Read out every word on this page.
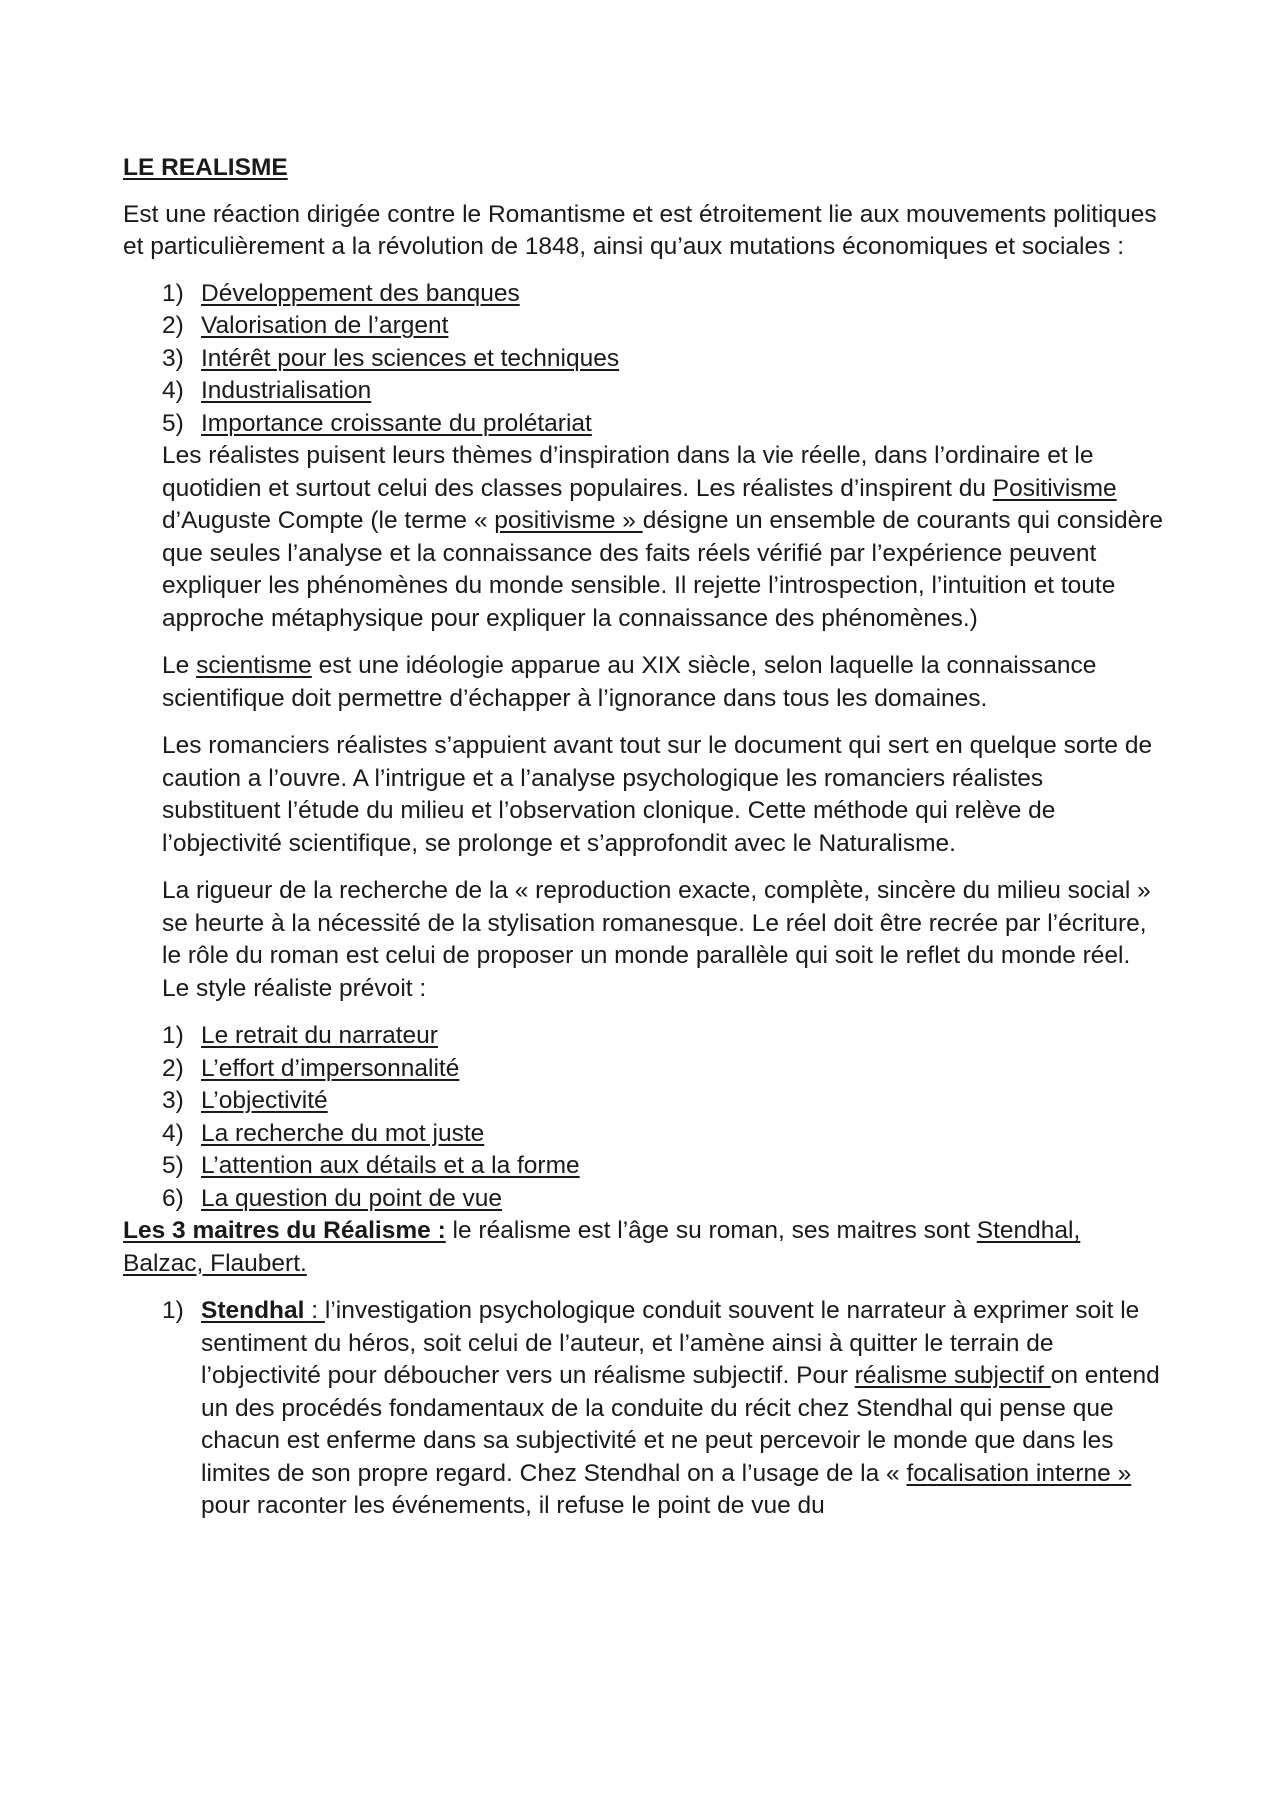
LE REALISME

Est une réaction dirigée contre le Romantisme et est étroitement lie aux mouvements politiques et particulièrement a la révolution de 1848, ainsi qu’aux mutations économiques et sociales :

1) Développement des banques
2) Valorisation de l’argent
3) Intérêt pour les sciences et techniques
4) Industrialisation
5) Importance croissante du prolétariat

Les réalistes puisent leurs thèmes d’inspiration dans la vie réelle, dans l’ordinaire et le quotidien et surtout celui des classes populaires. Les réalistes d’inspirent du Positivisme d’Auguste Compte (le terme « positivisme » désigne un ensemble de courants qui considère que seules l’analyse et la connaissance des faits réels vérifié par l’expérience peuvent expliquer les phénomènes du monde sensible. Il rejette l’introspection, l’intuition et toute approche métaphysique pour expliquer la connaissance des phénomènes.)

Le scientisme est une idéologie apparue au XIX siècle, selon laquelle la connaissance scientifique doit permettre d’échapper à l’ignorance dans tous les domaines.

Les romanciers réalistes s’appuient avant tout sur le document qui sert en quelque sorte de caution a l’ouvre. A l’intrigue et a l’analyse psychologique les romanciers réalistes substituent l’étude du milieu et l’observation clonique. Cette méthode qui relève de l’objectivité scientifique, se prolonge et s’approfondit avec le Naturalisme.

La rigueur de la recherche de la « reproduction exacte, complète, sincère du milieu social » se heurte à la nécessité de la stylisation romanesque. Le réel doit être recrée par l’écriture, le rôle du roman est celui de proposer un monde parallèle qui soit le reflet du monde réel. Le style réaliste prévoit :

1) Le retrait du narrateur
2) L’effort d’impersonnalité
3) L’objectivité
4) La recherche du mot juste
5) L’attention aux détails et a la forme
6) La question du point de vue

Les 3 maitres du Réalisme : le réalisme est l’âge su roman, ses maitres sont Stendhal, Balzac, Flaubert.

1) Stendhal : l’investigation psychologique conduit souvent le narrateur à exprimer soit le sentiment du héros, soit celui de l’auteur, et l’amène ainsi à quitter le terrain de l’objectivité pour déboucher vers un réalisme subjectif. Pour réalisme subjectif on entend un des procédés fondamentaux de la conduite du récit chez Stendhal qui pense que chacun est enferme dans sa subjectivité et ne peut percevoir le monde que dans les limites de son propre regard. Chez Stendhal on a l’usage de la « focalisation interne » pour raconter les événements, il refuse le point de vue du
